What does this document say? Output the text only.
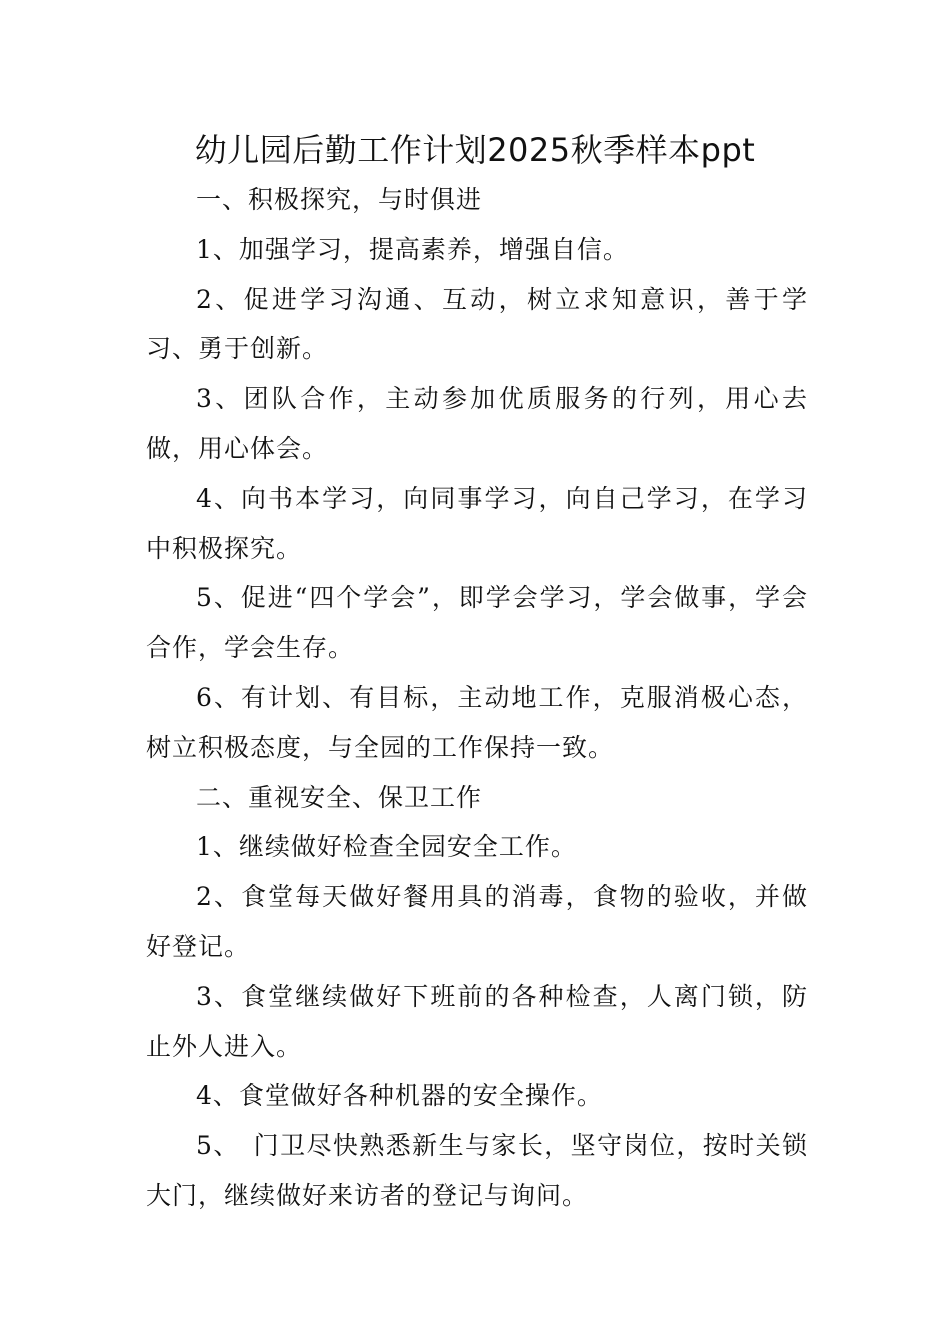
幼儿园后勤工作计划2025秋季样本ppt

一、积极探究，与时俱进

1、加强学习，提高素养，增强自信。

2、促进学习沟通、互动，树立求知意识，善于学习、勇于创新。

3、团队合作，主动参加优质服务的行列，用心去做，用心体会。

4、向书本学习，向同事学习，向自己学习，在学习中积极探究。

5、促进“四个学会”，即学会学习，学会做事，学会合作，学会生存。

6、有计划、有目标，主动地工作，克服消极心态，树立积极态度，与全园的工作保持一致。

二、重视安全、保卫工作

1、继续做好检查全园安全工作。

2、食堂每天做好餐用具的消毒，食物的验收，并做好登记。

3、食堂继续做好下班前的各种检查，人离门锁，防止外人进入。

4、食堂做好各种机器的安全操作。

5、　门卫尽快熟悉新生与家长，坚守岗位，按时关锁大门，继续做好来访者的登记与询问。
